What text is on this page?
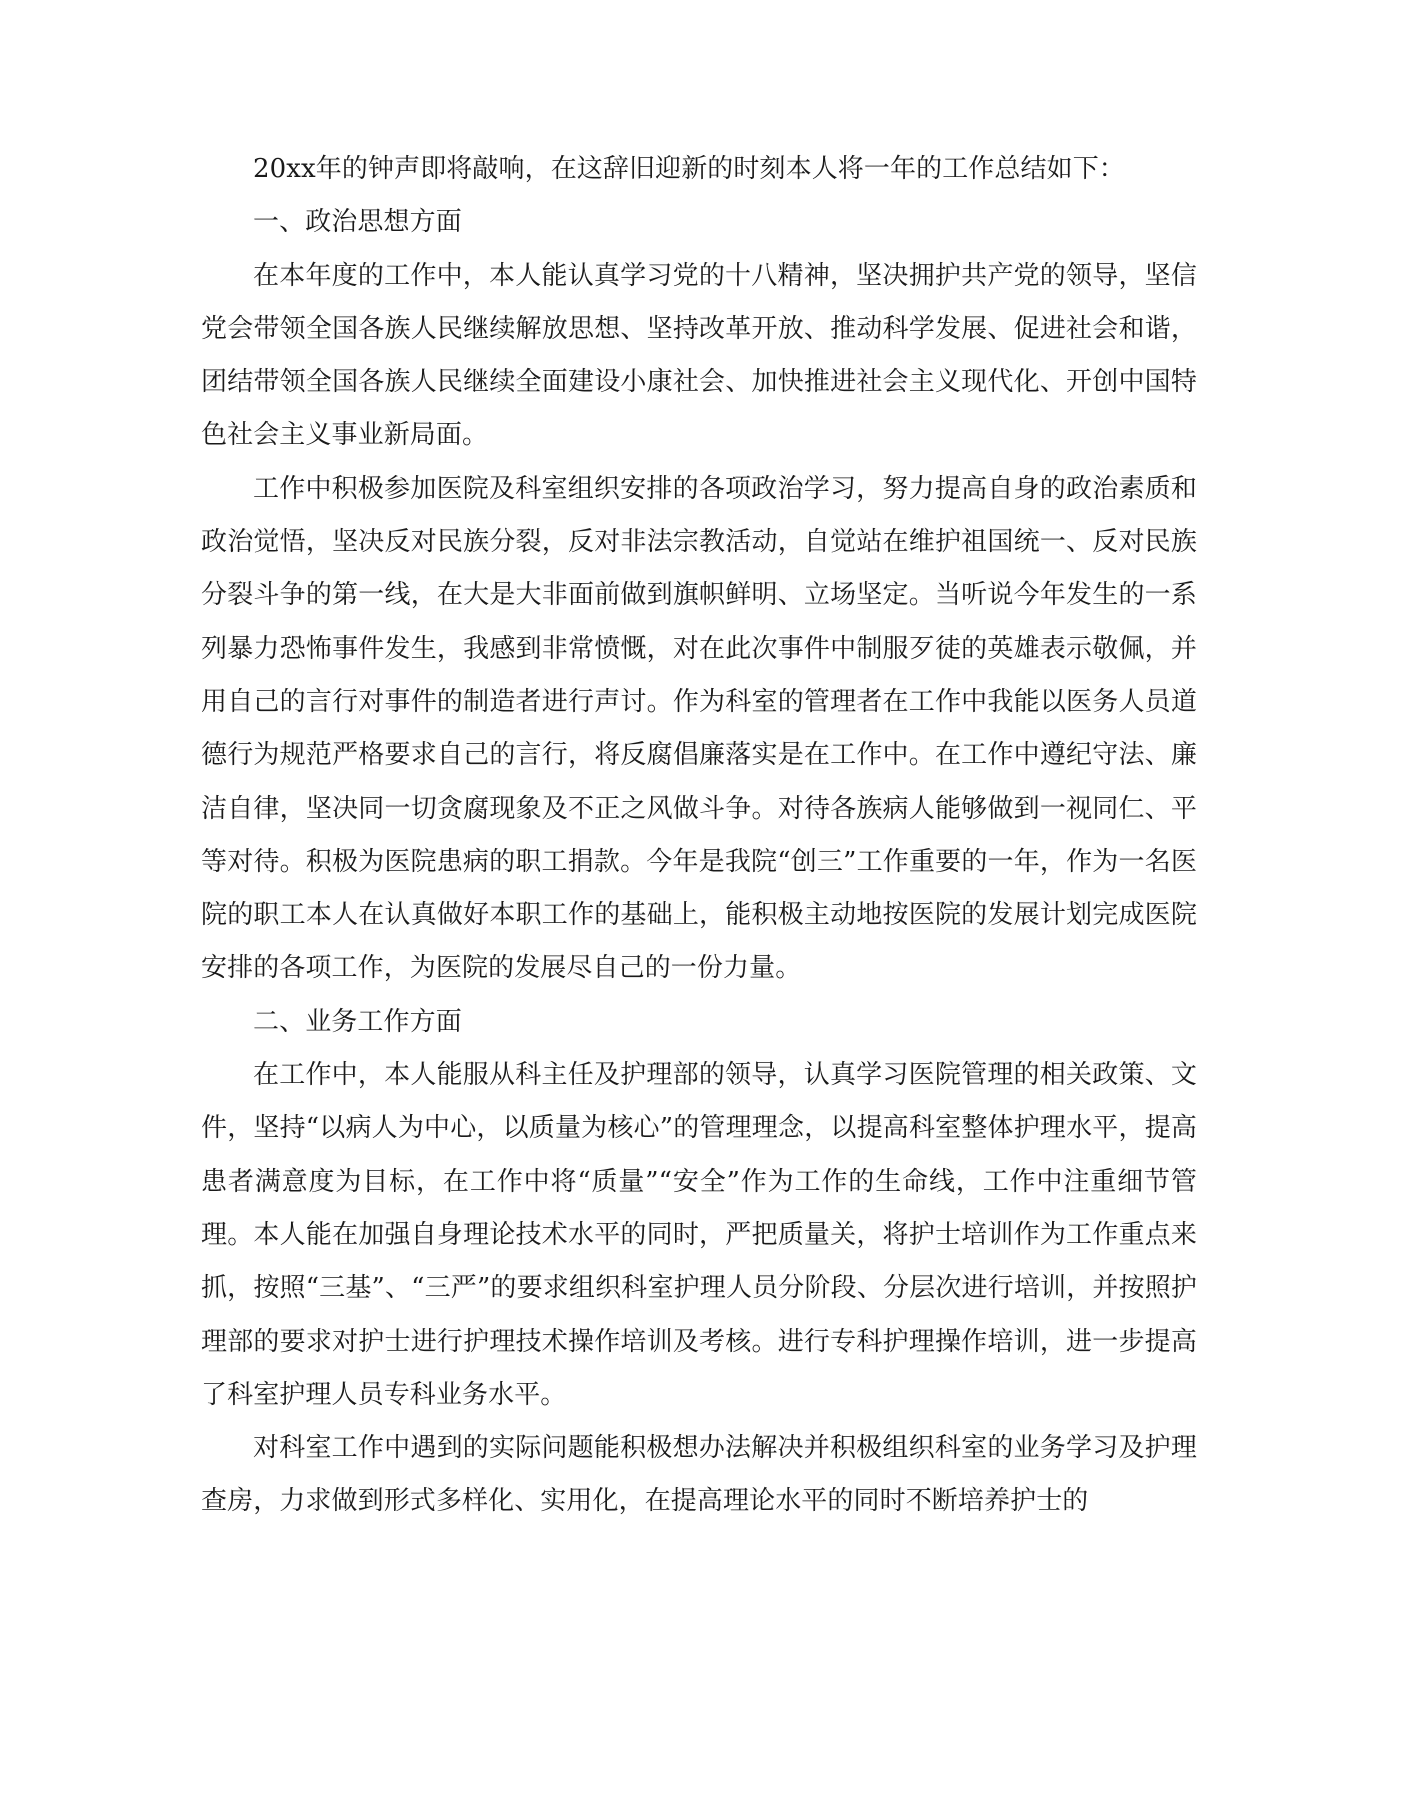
20xx年的钟声即将敲响，在这辞旧迎新的时刻本人将一年的工作总结如下：

一、政治思想方面

在本年度的工作中，本人能认真学习党的十八精神，坚决拥护共产党的领导，坚信党会带领全国各族人民继续解放思想、坚持改革开放、推动科学发展、促进社会和谐，团结带领全国各族人民继续全面建设小康社会、加快推进社会主义现代化、开创中国特色社会主义事业新局面。

工作中积极参加医院及科室组织安排的各项政治学习，努力提高自身的政治素质和政治觉悟，坚决反对民族分裂，反对非法宗教活动，自觉站在维护祖国统一、反对民族分裂斗争的第一线，在大是大非面前做到旗帜鲜明、立场坚定。当听说今年发生的一系列暴力恐怖事件发生，我感到非常愤慨，对在此次事件中制服歹徒的英雄表示敬佩，并用自己的言行对事件的制造者进行声讨。作为科室的管理者在工作中我能以医务人员道德行为规范严格要求自己的言行，将反腐倡廉落实是在工作中。在工作中遵纪守法、廉洁自律，坚决同一切贪腐现象及不正之风做斗争。对待各族病人能够做到一视同仁、平等对待。积极为医院患病的职工捐款。今年是我院“创三”工作重要的一年，作为一名医院的职工本人在认真做好本职工作的基础上，能积极主动地按医院的发展计划完成医院安排的各项工作，为医院的发展尽自己的一份力量。

二、业务工作方面

在工作中，本人能服从科主任及护理部的领导，认真学习医院管理的相关政策、文件，坚持“以病人为中心，以质量为核心”的管理理念，以提高科室整体护理水平，提高患者满意度为目标，在工作中将“质量”“安全”作为工作的生命线，工作中注重细节管理。本人能在加强自身理论技术水平的同时，严把质量关，将护士培训作为工作重点来抓，按照“三基”、“三严”的要求组织科室护理人员分阶段、分层次进行培训，并按照护理部的要求对护士进行护理技术操作培训及考核。进行专科护理操作培训，进一步提高了科室护理人员专科业务水平。

对科室工作中遇到的实际问题能积极想办法解决并积极组织科室的业务学习及护理查房，力求做到形式多样化、实用化，在提高理论水平的同时不断培养护士的
